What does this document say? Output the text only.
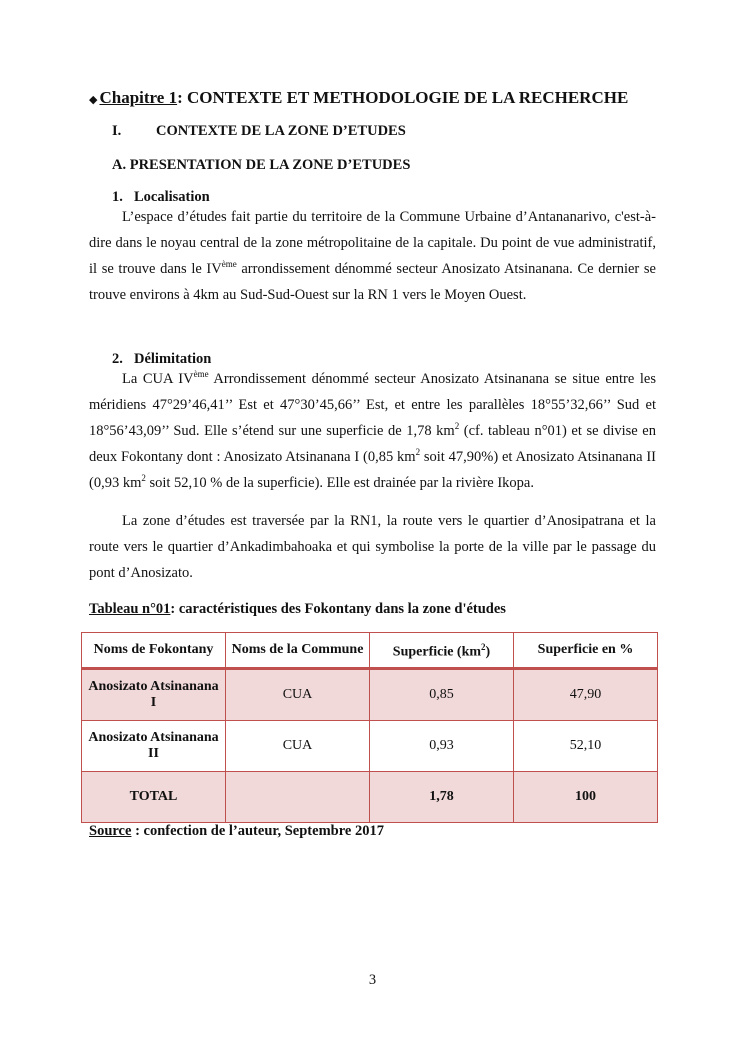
◆ Chapitre 1: CONTEXTE ET METHODOLOGIE DE LA RECHERCHE
I. CONTEXTE DE LA ZONE D’ETUDES
A. PRESENTATION DE LA ZONE D’ETUDES
1. Localisation

L’espace d’études fait partie du territoire de la Commune Urbaine d’Antananarivo, c'est-à-dire dans le noyau central de la zone métropolitaine de la capitale. Du point de vue administratif, il se trouve dans le IVème arrondissement dénommé secteur Anosizato Atsinanana. Ce dernier se trouve environs à 4km au Sud-Sud-Ouest sur la RN 1 vers le Moyen Ouest.

2. Délimitation

La CUA IVème Arrondissement dénommé secteur Anosizato Atsinanana se situe entre les méridiens 47°29’46,41’’ Est et 47°30’45,66’’ Est, et entre les parallèles 18°55’32,66’’ Sud et 18°56’43,09’’ Sud. Elle s’étend sur une superficie de 1,78 $km^2$ (cf. tableau n°01) et se divise en deux Fokontany dont : Anosizato Atsinanana I (0,85 $km^2$ soit 47,90%) et Anosizato Atsinanana II (0,93 $km^2$ soit 52,10 % de la superficie). Elle est drainée par la rivière Ikopa.

La zone d’études est traversée par la RN1, la route vers le quartier d’Anosipatrana et la route vers le quartier d’Ankadimbahoaka et qui symbolise la porte de la ville par le passage du pont d’Anosizato.

Tableau n°01: caractéristiques des Fokontany dans la zone d'études
Noms de Fokontany	Noms de la Commune	Superficie $(km^2)$	Superficie en %
Anosizato Atsinanana I	CUA	0,85	47,90
Anosizato Atsinanana II	CUA	0,93	52,10
TOTAL		1,78	100
Source : confection de l’auteur, Septembre 2017
3
